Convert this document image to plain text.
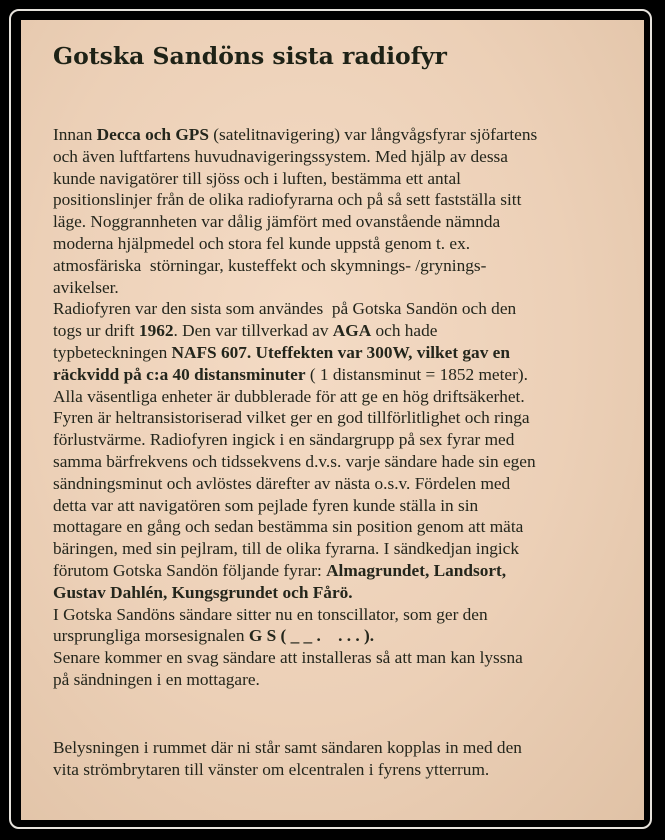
Gotska Sandöns sista radiofyr
Innan Decca och GPS (satelitnavigering) var långvågsfyrar sjöfartens
och även luftfartens huvudnavigeringssystem. Med hjälp av dessa
kunde navigatörer till sjöss och i luften, bestämma ett antal
positionslinjer från de olika radiofyrarna och på så sett fastställa sitt
läge. Noggrannheten var dålig jämfört med ovanstående nämnda
moderna hjälpmedel och stora fel kunde uppstå genom t. ex.
atmosfäriska  störningar, kusteffekt och skymnings- /grynings-
avikelser.
Radiofyren var den sista som användes  på Gotska Sandön och den
togs ur drift 1962. Den var tillverkad av AGA och hade
typbeteckningen NAFS 607. Uteffekten var 300W, vilket gav en
räckvidd på c:a 40 distansminuter ( 1 distansminut = 1852 meter).
Alla väsentliga enheter är dubblerade för att ge en hög driftsäkerhet.
Fyren är heltransistoriserad vilket ger en god tillförlitlighet och ringa
förlustvärme. Radiofyren ingick i en sändargrupp på sex fyrar med
samma bärfrekvens och tidssekvens d.v.s. varje sändare hade sin egen
sändningsminut och avlöstes därefter av nästa o.s.v. Fördelen med
detta var att navigatören som pejlade fyren kunde ställa in sin
mottagare en gång och sedan bestämma sin position genom att mäta
bäringen, med sin pejlram, till de olika fyrarna. I sändkedjan ingick
förutom Gotska Sandön följande fyrar: Almagrundet, Landsort,
Gustav Dahlén, Kungsgrundet och Fårö.
I Gotska Sandöns sändare sitter nu en tonscillator, som ger den
ursprungliga morsesignalen G S ( _ _ .    . . . ).
Senare kommer en svag sändare att installeras så att man kan lyssna
på sändningen i en mottagare.
Belysningen i rummet där ni står samt sändaren kopplas in med den
vita strömbrytaren till vänster om elcentralen i fyrens ytterrum.
